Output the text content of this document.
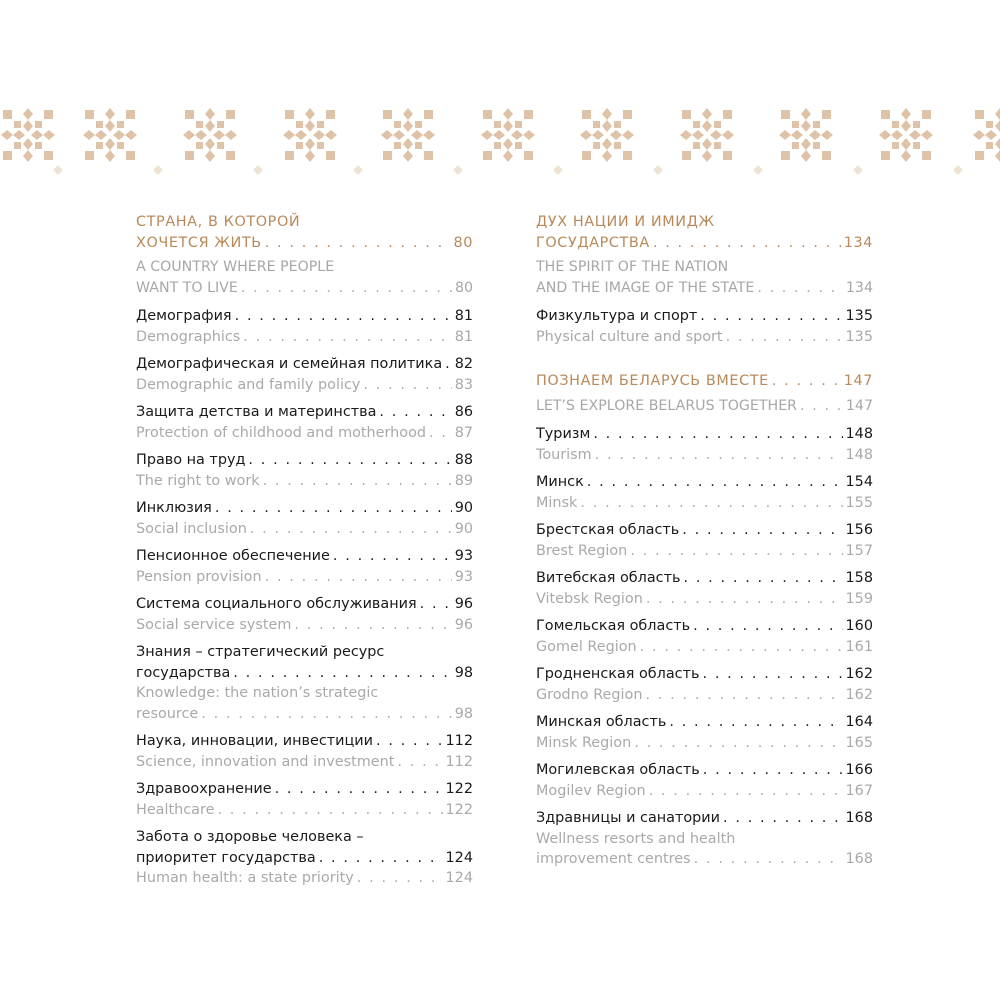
СТРАНА, В КОТОРОЙ
ХОЧЕТСЯ ЖИТЬ . . .	80
A COUNTRY WHERE PEOPLE
WANT TO LIVE . . .	80
Демография . . .	81
Demographics . . .	81
Демографическая и семейная политика . . . 82
Demographic and family policy . . .	83
Защита детства и материнства . . .	86
Protection of childhood and motherhood . . . 87
Право на труд . . .	88
The right to work . . .	89
Инклюзия . . .	90
Social inclusion . . .	90
Пенсионное обеспечение . . .	93
Pension provision . . .	93
Система социального обслуживания . . .	96
Social service system . . .	96
Знания – стратегический ресурс
государства . . .	98
Knowledge: the nation’s strategic
resource . . .	98
Наука, инновации, инвестиции . . .	112
Science, innovation and investment . . .	112
Здравоохранение . . .	122
Healthcare . . .	122
Забота о здоровье человека –
приоритет государства . . .	124
Human health: a state priority . . .	124
ДУХ НАЦИИ И ИМИДЖ
ГОСУДАРСТВА . . .	134
THE SPIRIT OF THE NATION
AND THE IMAGE OF THE STATE . . .	134
Физкультура и спорт . . .	135
Physical culture and sport . . .	135
ПОЗНАЕМ БЕЛАРУСЬ ВМЕСТЕ . . .	147
LET’S EXPLORE BELARUS TOGETHER . . .	147
Туризм . . .	148
Tourism . . .	148
Минск . . .	154
Minsk . . .	155
Брестская область . . .	156
Brest Region . . .	157
Витебская область . . .	158
Vitebsk Region . . .	159
Гомельская область . . .	160
Gomel Region . . .	161
Гродненская область . . .	162
Grodno Region . . .	162
Минская область . . .	164
Minsk Region . . .	165
Могилевская область . . .	166
Mogilev Region . . .	167
Здравницы и санатории . . .	168
Wellness resorts and health
improvement centres . . .	168
